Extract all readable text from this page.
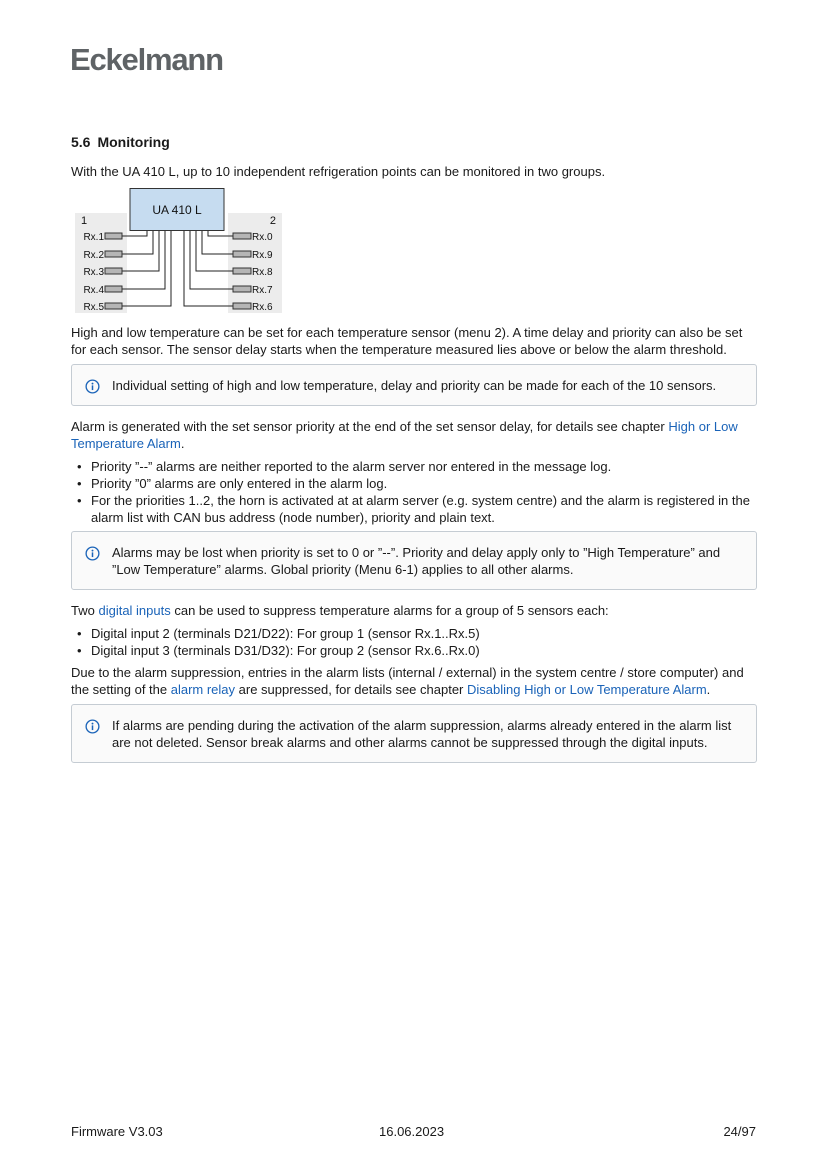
Eckelmann
5.6 Monitoring

With the UA 410 L, up to 10 independent refrigeration points can be monitored in two groups.

UA 410 L
1	2
Rx.1	Rx.0
Rx.2	Rx.9
Rx.3	Rx.8
Rx.4	Rx.7
Rx.5	Rx.6

High and low temperature can be set for each temperature sensor (menu 2). A time delay and priority can also be set for each sensor. The sensor delay starts when the temperature measured lies above or below the alarm threshold.

Individual setting of high and low temperature, delay and priority can be made for each of the 10 sensors.

Alarm is generated with the set sensor priority at the end of the set sensor delay, for details see chapter High or Low Temperature Alarm.

• Priority ”--” alarms are neither reported to the alarm server nor entered in the message log.
• Priority ”0” alarms are only entered in the alarm log.
• For the priorities 1..2, the horn is activated at at alarm server (e.g. system centre) and the alarm is registered in the alarm list with CAN bus address (node number), priority and plain text.
Alarms may be lost when priority is set to 0 or ”--”. Priority and delay apply only to ”High Temperature” and ”Low Temperature” alarms. Global priority (Menu 6-1) applies to all other alarms.

Two digital inputs can be used to suppress temperature alarms for a group of 5 sensors each:

• Digital input 2 (terminals D21/D22): For group 1 (sensor Rx.1..Rx.5)
• Digital input 3 (terminals D31/D32): For group 2 (sensor Rx.6..Rx.0)

Due to the alarm suppression, entries in the alarm lists (internal / external) in the system centre / store computer) and the setting of the alarm relay are suppressed, for details see chapter Disabling High or Low Temperature Alarm.

If alarms are pending during the activation of the alarm suppression, alarms already entered in the alarm list are not deleted. Sensor break alarms and other alarms cannot be suppressed through the digital inputs.
Firmware V3.03	16.06.2023	24/97
